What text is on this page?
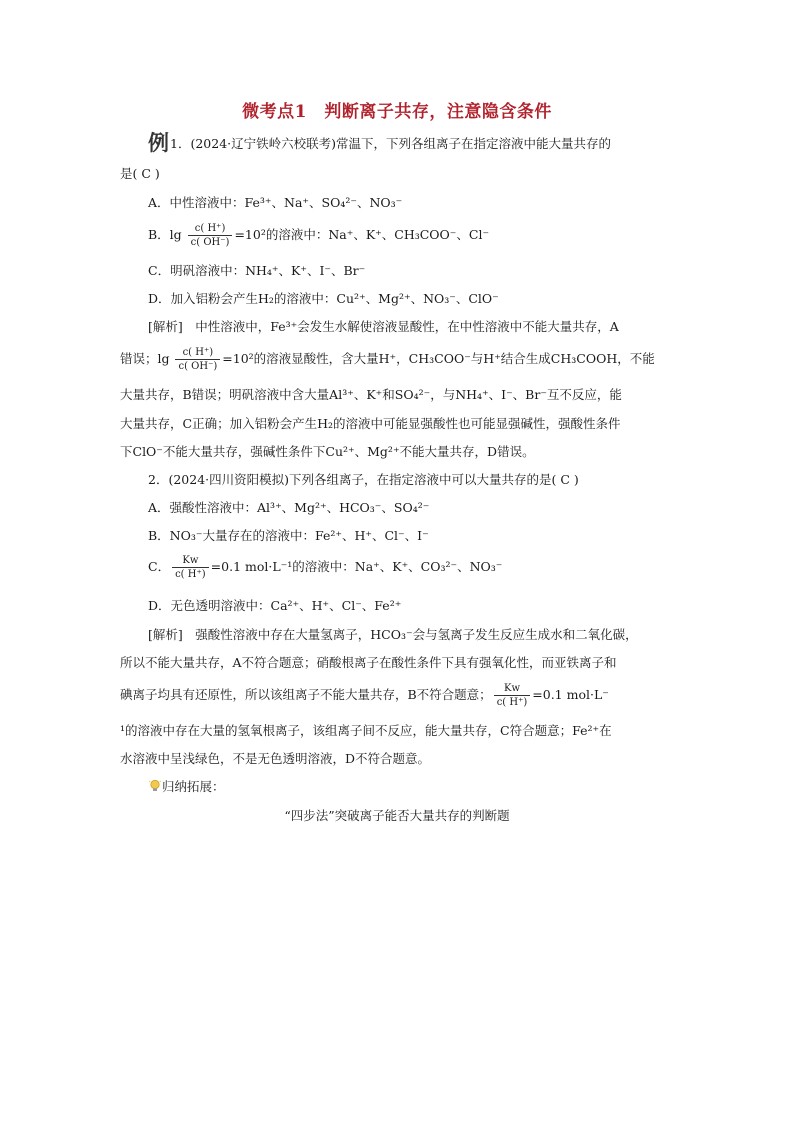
微考点1　判断离子共存，注意隐含条件
例1．(2024·辽宁铁岭六校联考)常温下，下列各组离子在指定溶液中能大量共存的
是( C )
A．中性溶液中：Fe³⁺、Na⁺、SO₄²⁻、NO₃⁻
B．$\lg \frac{c( H^+)}{c( OH^-)} =10^2$的溶液中：Na⁺、K⁺、CH₃COO⁻、Cl⁻
C．明矾溶液中：NH₄⁺、K⁺、I⁻、Br⁻
D．加入铝粉会产生H₂的溶液中：Cu²⁺、Mg²⁺、NO₃⁻、ClO⁻
[解析]　中性溶液中，Fe³⁺会发生水解使溶液显酸性，在中性溶液中不能大量共存，A
错误；$\lg \frac{c( H^+)}{c( OH^-)} =10^2$的溶液显酸性，含大量H⁺，CH₃COO⁻与H⁺结合生成CH₃COOH，不能
大量共存，B错误；明矾溶液中含大量Al³⁺、K⁺和SO₄²⁻，与NH₄⁺、I⁻、Br⁻互不反应，能
大量共存，C正确；加入铝粉会产生H₂的溶液中可能显强酸性也可能显强碱性，强酸性条件
下ClO⁻不能大量共存，强碱性条件下Cu²⁺、Mg²⁺不能大量共存，D错误。
2．(2024·四川资阳模拟)下列各组离子，在指定溶液中可以大量共存的是( C )
A．强酸性溶液中：Al³⁺、Mg²⁺、HCO₃⁻、SO₄²⁻
B．NO₃⁻大量存在的溶液中：Fe²⁺、H⁺、Cl⁻、I⁻
C． $\frac{Kw}{c( H^+)} =0.1$ mol·L⁻¹的溶液中：Na⁺、K⁺、CO₃²⁻、NO₃⁻
D．无色透明溶液中：Ca²⁺、H⁺、Cl⁻、Fe²⁺
[解析]　强酸性溶液中存在大量氢离子，HCO₃⁻会与氢离子发生反应生成水和二氧化碳，
所以不能大量共存，A不符合题意；硝酸根离子在酸性条件下具有强氧化性，而亚铁离子和
碘离子均具有还原性，所以该组离子不能大量共存，B不符合题意； $\frac{Kw}{c( H^+)} =0.1$ mol·L⁻
¹的溶液中存在大量的氢氧根离子，该组离子间不反应，能大量共存，C符合题意；Fe²⁺在
水溶液中呈浅绿色，不是无色透明溶液，D不符合题意。
归纳拓展：
“四步法”突破离子能否大量共存的判断题
